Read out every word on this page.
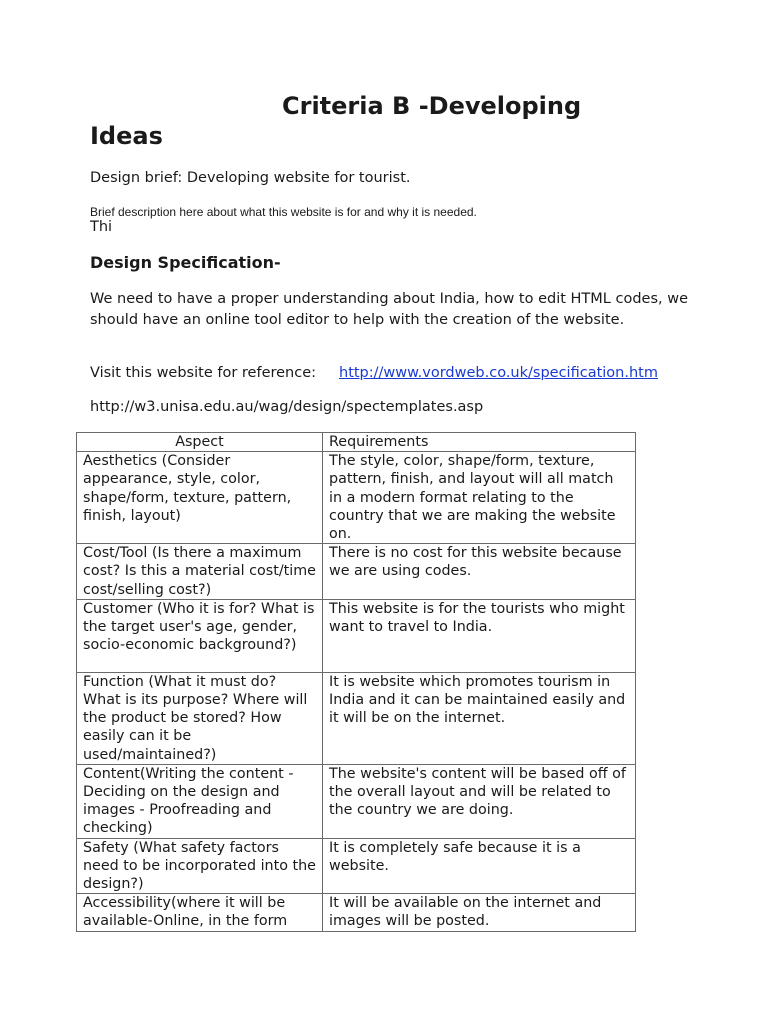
Criteria B -Developing
Ideas
Design brief: Developing website for tourist.
Brief description here about what this website is for and why it is needed.
Thi
Design Specification-
We need to have a proper understanding about India, how to edit HTML codes, we should have an online tool editor to help with the creation of the website.
Visit this website for reference: http://www.vordweb.co.uk/specification.htm
http://w3.unisa.edu.au/wag/design/spectemplates.asp
Aspect	Requirements
Aesthetics (Consider appearance, style, color, shape/form, texture, pattern, finish, layout)	The style, color, shape/form, texture, pattern, finish, and layout will all match in a modern format relating to the country that we are making the website on.
Cost/Tool (Is there a maximum cost? Is this a material cost/time cost/selling cost?)	There is no cost for this website because we are using codes.
Customer (Who it is for? What is the target user's age, gender, socio-economic background?)	This website is for the tourists who might want to travel to India.
Function (What it must do? What is its purpose? Where will the product be stored? How easily can it be used/maintained?)	It is website which promotes tourism in India and it can be maintained easily and it will be on the internet.
Content(Writing the content - Deciding on the design and images - Proofreading and checking)	The website's content will be based off of the overall layout and will be related to the country we are doing.
Safety (What safety factors need to be incorporated into the design?)	It is completely safe because it is a website.
Accessibility(where it will be available-Online, in the form	It will be available on the internet and images will be posted.
